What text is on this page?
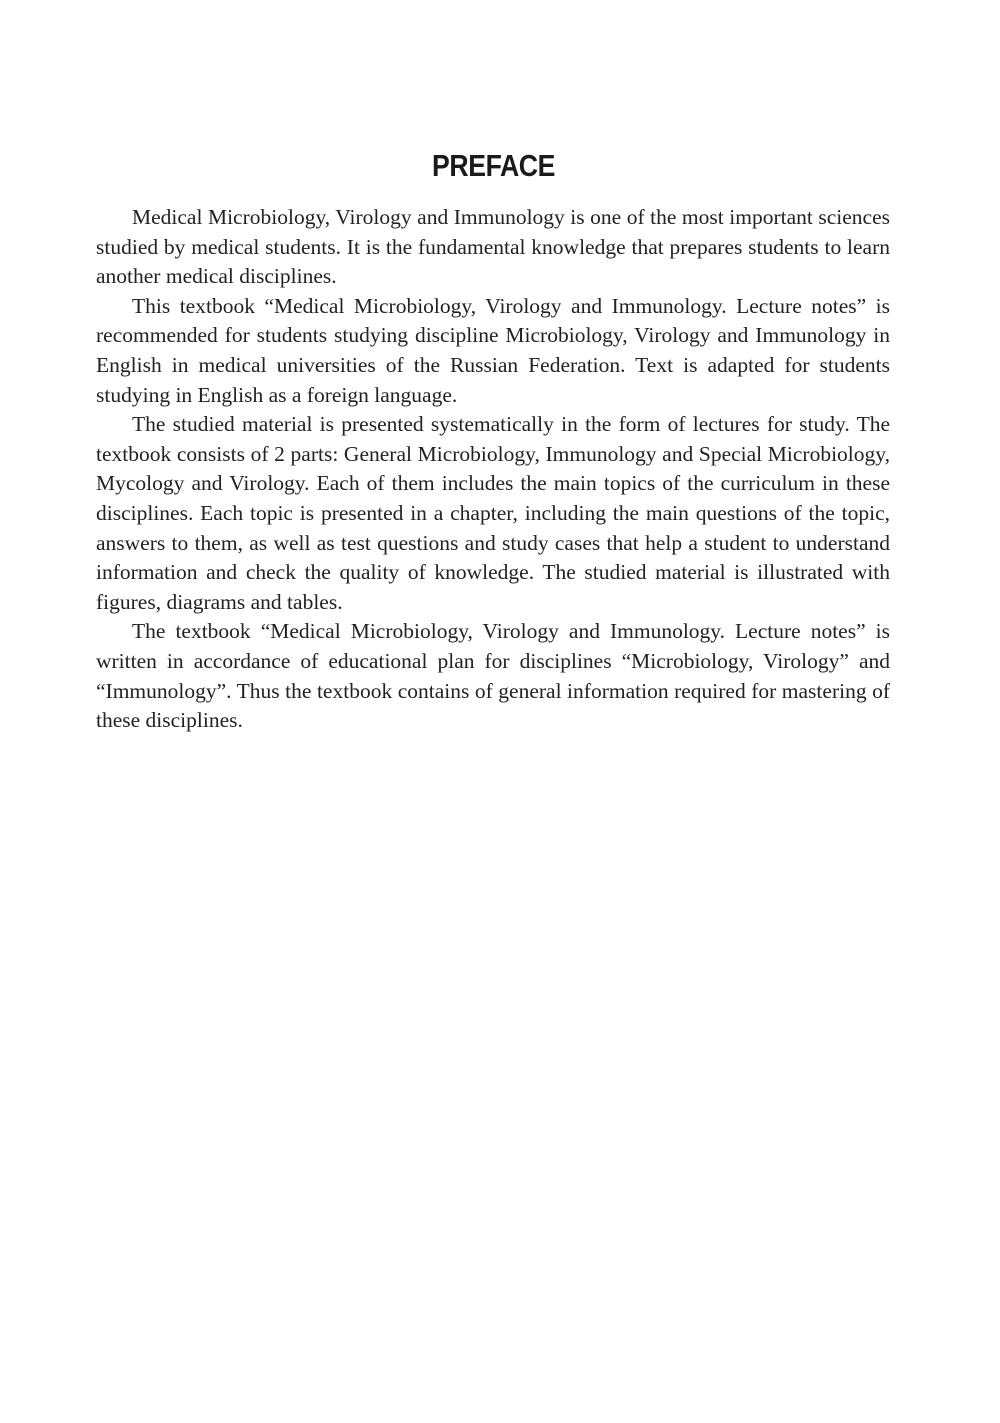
PREFACE

Medical Microbiology, Virology and Immunology is one of the most important sciences studied by medical students. It is the fundamental knowledge that prepares students to learn another medical disciplines.

This textbook “Medical Microbiology, Virology and Immunology. Lecture notes” is recommended for students studying discipline Microbiology, Virology and Immunology in English in medical universities of the Russian Federation. Text is adapted for students studying in English as a foreign language.

The studied material is presented systematically in the form of lectures for study. The textbook consists of 2 parts: General Microbiology, Immunology and Special Microbiology, Mycology and Virology. Each of them includes the main topics of the curriculum in these disciplines. Each topic is presented in a chapter, including the main questions of the topic, answers to them, as well as test questions and study cases that help a student to understand information and check the quality of knowledge. The studied material is illustrated with figures, diagrams and tables.

The textbook “Medical Microbiology, Virology and Immunology. Lecture notes” is written in accordance of educational plan for disciplines “Microbiology, Virology” and “Immunology”. Thus the textbook contains of general information required for mastering of these disciplines.
